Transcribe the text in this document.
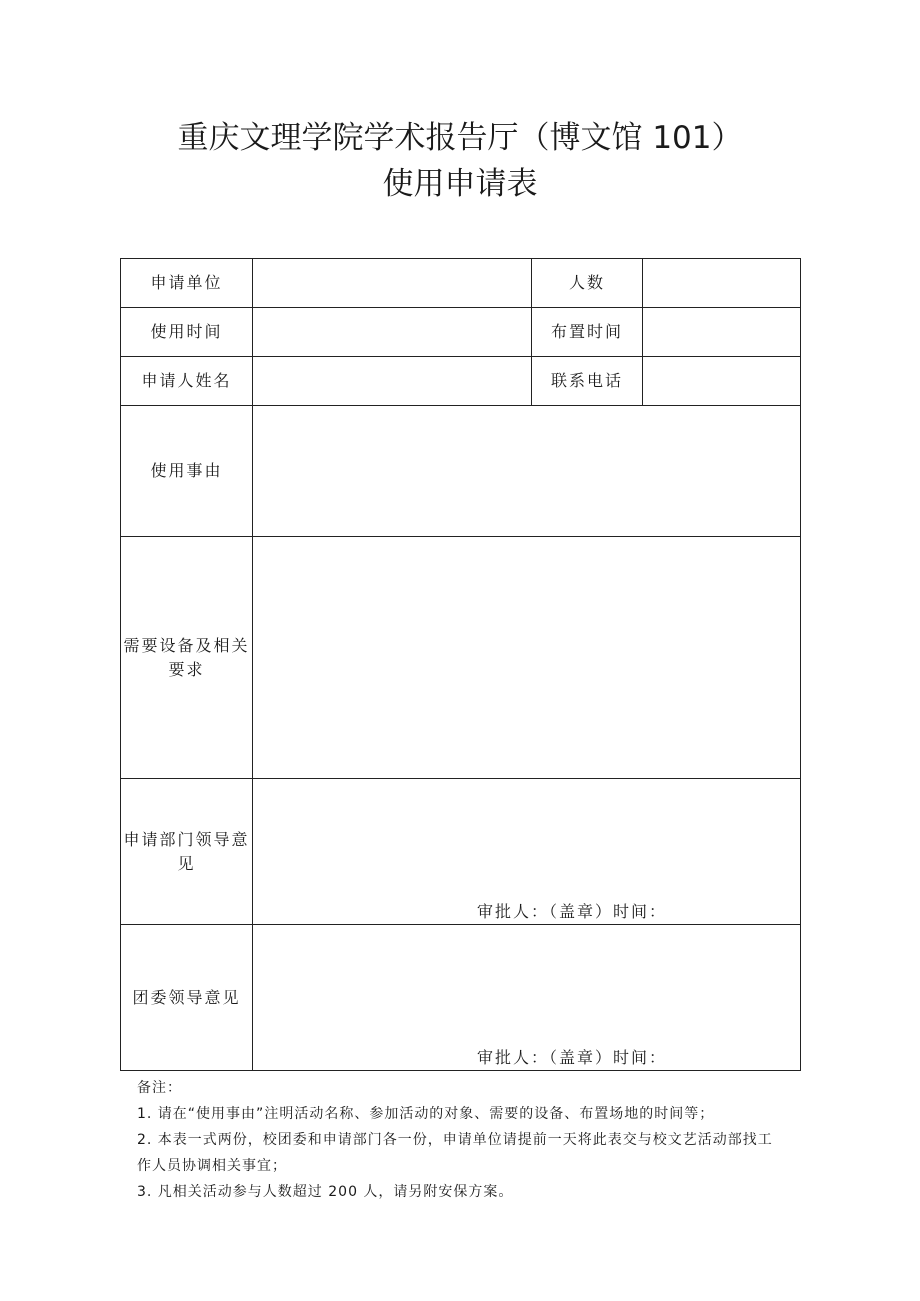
重庆文理学院学术报告厅（博文馆 101）
使用申请表
申请单位		人数	
使用时间		布置时间	
申请人姓名		联系电话	
使用事由			

需要设备及相关
要求			

申请部门领导意
见	审批人：（盖章）时间：		

团委领导意见	审批人：（盖章）时间：		
备注：
1. 请在“使用事由”注明活动名称、参加活动的对象、需要的设备、布置场地的时间等；
2. 本表一式两份，校团委和申请部门各一份，申请单位请提前一天将此表交与校文艺活动部找工
作人员协调相关事宜；
3. 凡相关活动参与人数超过 200 人，请另附安保方案。
